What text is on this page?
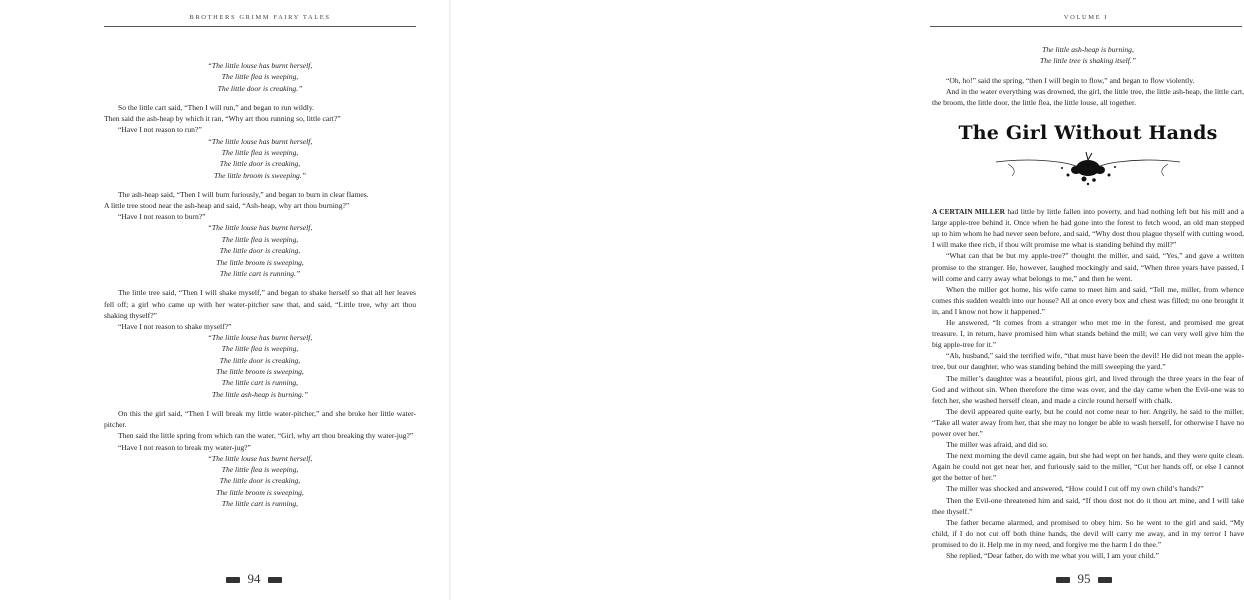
BROTHERS GRIMM FAIRY TALES
“The little louse has burnt herself,
The little flea is weeping,
The little door is creaking.”

So the little cart said, “Then I will run,” and began to run wildly.

Then said the ash-heap by which it ran, “Why art thou running so, little cart?”

“Have I not reason to run?”

“The little louse has burnt herself,
The little flea is weeping,
The little door is creaking,
The little broom is sweeping.”

The ash-heap said, “Then I will burn furiously,” and began to burn in clear flames.

A little tree stood near the ash-heap and said, “Ash-heap, why art thou burning?”

“Have I not reason to burn?”

“The little louse has burnt herself,
The little flea is weeping,
The little door is creaking,
The little broom is sweeping,
The little cart is running.”

The little tree said, “Then I will shake myself,” and began to shake herself so that all her leaves fell off; a girl who came up with her water-pitcher saw that, and said, “Little tree, why art thou shaking thyself?”

“Have I not reason to shake myself?”

“The little louse has burnt herself,
The little flea is weeping,
The little door is creaking,
The little broom is sweeping,
The little cart is running,
The little ash-heap is burning.”

On this the girl said, “Then I will break my little water-pitcher,” and she broke her little water-pitcher.

Then said the little spring from which ran the water, “Girl, why art thou breaking thy water-jug?”

“Have I not reason to break my water-jug?”

“The little louse has burnt herself,
The little flea is weeping,
The little door is creaking,
The little broom is sweeping,
The little cart is running,
94
VOLUME I
The little ash-heap is burning,
The little tree is shaking itself.”

“Oh, ho!” said the spring, “then I will begin to flow,” and began to flow violently.

And in the water everything was drowned, the girl, the little tree, the little ash-heap, the little cart, the broom, the little door, the little flea, the little louse, all together.

The Girl Without Hands

A CERTAIN MILLER had little by little fallen into poverty, and had nothing left but his mill and a large apple-tree behind it. Once when he had gone into the forest to fetch wood, an old man stepped up to him whom he had never seen before, and said, “Why dost thou plague thyself with cutting wood, I will make thee rich, if thou wilt promise me what is standing behind thy mill?”

“What can that be but my apple-tree?” thought the miller, and said, “Yes,” and gave a written promise to the stranger. He, however, laughed mockingly and said, “When three years have passed, I will come and carry away what belongs to me,” and then he went.

When the miller got home, his wife came to meet him and said, “Tell me, miller, from whence comes this sudden wealth into our house? All at once every box and chest was filled; no one brought it in, and I know not how it happened.”

He answered, “It comes from a stranger who met me in the forest, and promised me great treasure. I, in return, have promised him what stands behind the mill; we can very well give him the big apple-tree for it.”

“Ah, husband,” said the terrified wife, “that must have been the devil! He did not mean the apple-tree, but our daughter, who was standing behind the mill sweeping the yard.”

The miller’s daughter was a beautiful, pious girl, and lived through the three years in the fear of God and without sin. When therefore the time was over, and the day came when the Evil-one was to fetch her, she washed herself clean, and made a circle round herself with chalk.

The devil appeared quite early, but he could not come near to her. Angrily, he said to the miller, “Take all water away from her, that she may no longer be able to wash herself, for otherwise I have no power over her.”

The miller was afraid, and did so.

The next morning the devil came again, but she had wept on her hands, and they were quite clean. Again he could not get near her, and furiously said to the miller, “Cut her hands off, or else I cannot get the better of her.”

The miller was shocked and answered, “How could I cut off my own child’s hands?”

Then the Evil-one threatened him and said, “If thou dost not do it thou art mine, and I will take thee thyself.”

The father became alarmed, and promised to obey him. So he went to the girl and said, “My child, if I do not cut off both thine hands, the devil will carry me away, and in my terror I have promised to do it. Help me in my need, and forgive me the harm I do thee.”

She replied, “Dear father, do with me what you will, I am your child.”

95
